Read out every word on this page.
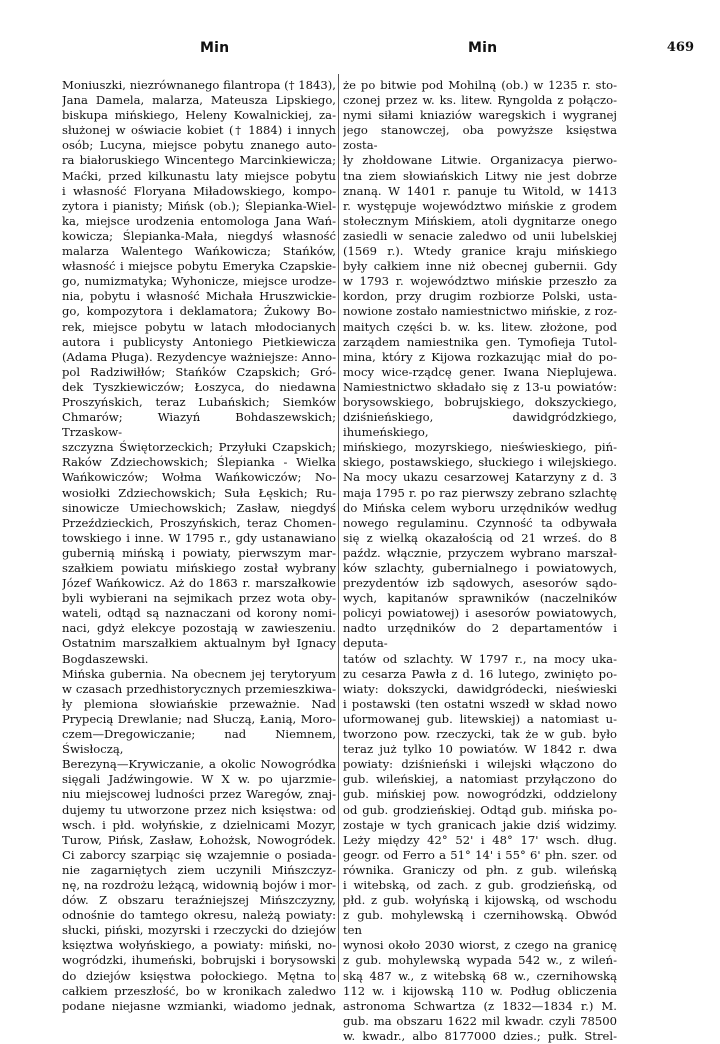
Min	Min	469
Moniuszki, niezrównanego filantropa († 1843),
Jana Damela, malarza, Mateusza Lipskiego,
biskupa mińskiego, Heleny Kowalnickiej, za-
służonej w oświacie kobiet († 1884) i innych
osób; Lucyna, miejsce pobytu znanego auto-
ra białoruskiego Wincentego Marcinkiewicza;
Maćki, przed kilkunastu laty miejsce pobytu
i własność Floryana Miładowskiego, kompo-
zytora i pianisty; Mińsk (ob.); Ślepianka-Wiel-
ka, miejsce urodzenia entomologa Jana Wań-
kowicza; Ślepianka-Mała, niegdyś własność
malarza Walentego Wańkowicza; Stańków,
własność i miejsce pobytu Emeryka Czapskie-
go, numizmatyka; Wyhonicze, miejsce urodze-
nia, pobytu i własność Michała Hruszwickie-
go, kompozytora i deklamatora; Żukowy Bo-
rek, miejsce pobytu w latach młodocianych
autora i publicysty Antoniego Pietkiewicza
(Adama Pługa). Rezydencye ważniejsze: Anno-
pol Radziwiłłów; Stańków Czapskich; Gró-
dek Tyszkiewiczów; Łoszyca, do niedawna
Proszyńskich, teraz Lubańskich; Siemków
Chmarów; Wiazyń Bohdaszewskich; Trzaskow-
szczyzna Świętorzeckich; Przyłuki Czapskich;
Raków Zdziechowskich; Ślepianka - Wielka
Wańkowiczów; Wołma Wańkowiczów; No-
wosiołki Zdziechowskich; Suła Łęskich; Ru-
sinowicze Umiechowskich; Zasław, niegdyś
Przeździeckich, Proszyńskich, teraz Chomen-
towskiego i inne. W 1795 r., gdy ustanawiano
gubernią mińską i powiaty, pierwszym mar-
szałkiem powiatu mińskiego został wybrany
Józef Wańkowicz. Aż do 1863 r. marszałkowie
byli wybierani na sejmikach przez wota oby-
wateli, odtąd są naznaczani od korony nomi-
naci, gdyż elekcye pozostają w zawieszeniu.
Ostatnim marszałkiem aktualnym był Ignacy
Bogdaszewski.
Mińska gubernia. Na obecnem jej terytoryum
w czasach przedhistorycznych przemieszkiwa-
ły plemiona słowiańskie przeważnie. Nad
Prypecią Drewlanie; nad Słuczą, Łanią, Moro-
czem—Dregowiczanie; nad Niemnem, Świsłoczą,
Berezyną—Krywiczanie, a okolic Nowogródka
sięgali Jadźwingowie. W X w. po ujarzmie-
niu miejscowej ludności przez Waregów, znaj-
dujemy tu utworzone przez nich księstwa: od
wsch. i płd. wołyńskie, z dzielnicami Mozyr,
Turow, Pińsk, Zasław, Łohożsk, Nowogródek.
Ci zaborcy szarpiąc się wzajemnie o posiada-
nie zagarniętych ziem uczynili Mińszczyz-
nę, na rozdrożu leżącą, widownią bojów i mor-
dów. Z obszaru teraźniejszej Mińszczyzny,
odnośnie do tamtego okresu, należą powiaty:
słucki, piński, mozyrski i rzeczycki do dziejów
księztwa wołyńskiego, a powiaty: miński, no-
wogródzki, ihumeński, bobrujski i borysowski
do dziejów księstwa połockiego. Mętna to
całkiem przeszłość, bo w kronikach zaledwo
podane niejasne wzmianki, wiadomo jednak,
że po bitwie pod Mohilną (ob.) w 1235 r. sto-
czonej przez w. ks. litew. Ryngolda z połączo-
nymi siłami kniaziów waregskich i wygranej
jego stanowczej, oba powyższe księstwa zosta-
ły zhołdowane Litwie. Organizacya pierwo-
tna ziem słowiańskich Litwy nie jest dobrze
znaną. W 1401 r. panuje tu Witold, w 1413
r. występuje województwo mińskie z grodem
stołecznym Mińskiem, atoli dygnitarze onego
zasiedli w senacie zaledwo od unii lubelskiej
(1569 r.). Wtedy granice kraju mińskiego
były całkiem inne niż obecnej gubernii. Gdy
w 1793 r. województwo mińskie przeszło za
kordon, przy drugim rozbiorze Polski, usta-
nowione zostało namiestnictwo mińskie, z roz-
maitych części b. w. ks. litew. złożone, pod
zarządem namiestnika gen. Tymofieja Tutol-
mina, który z Kijowa rozkazując miał do po-
mocy wice-rządcę gener. Iwana Nieplujewa.
Namiestnictwo składało się z 13-u powiatów:
borysowskiego, bobrujskiego, dokszyckiego,
dziśnieńskiego, dawidgródzkiego, ihumeńskiego,
mińskiego, mozyrskiego, nieświeskiego, piń-
skiego, postawskiego, słuckiego i wilejskiego.
Na mocy ukazu cesarzowej Katarzyny z d. 3
maja 1795 r. po raz pierwszy zebrano szlachtę
do Mińska celem wyboru urzędników według
nowego regulaminu. Czynność ta odbywała
się z wielką okazałością od 21 wrześ. do 8
paźdz. włącznie, przyczem wybrano marszał-
ków szlachty, gubernialnego i powiatowych,
prezydentów izb sądowych, asesorów sądo-
wych, kapitanów sprawników (naczelników
policyi powiatowej) i asesorów powiatowych,
nadto urzędników do 2 departamentów i deputa-
tatów od szlachty. W 1797 r., na mocy uka-
zu cesarza Pawła z d. 16 lutego, zwinięto po-
wiaty: dokszycki, dawidgródecki, nieświeski
i postawski (ten ostatni wszedł w skład nowo
uformowanej gub. litewskiej) a natomiast u-
tworzono pow. rzeczycki, tak że w gub. było
teraz już tylko 10 powiatów. W 1842 r. dwa
powiaty: dziśnieński i wilejski włączono do
gub. wileńskiej, a natomiast przyłączono do
gub. mińskiej pow. nowogródzki, oddzielony
od gub. grodzieńskiej. Odtąd gub. mińska po-
zostaje w tych granicach jakie dziś widzimy.
Leży między 42° 52' i 48° 17' wsch. dług.
geogr. od Ferro a 51° 14' i 55° 6' płn. szer. od
równika. Graniczy od płn. z gub. wileńską
i witebską, od zach. z gub. grodzieńską, od
płd. z gub. wołyńską i kijowską, od wschodu
z gub. mohylewską i czernihowską. Obwód ten
wynosi około 2030 wiorst, z czego na granicę
z gub. mohylewską wypada 542 w., z wileń-
ską 487 w., z witebską 68 w., czernihowską
112 w. i kijowską 110 w. Podług obliczenia
astronoma Schwartza (z 1832—1834 r.) M.
gub. ma obszaru 1622 mil kwadr. czyli 78500
w. kwadr., albo 8177000 dzies.; pułk. Strel-
